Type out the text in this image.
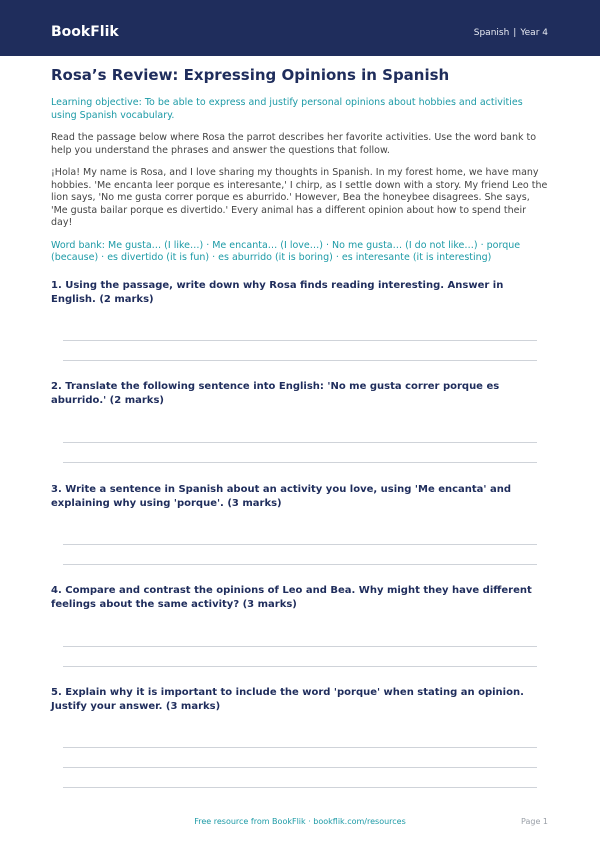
BookFlik	Spanish | Year 4
Rosa’s Review: Expressing Opinions in Spanish
Learning objective: To be able to express and justify personal opinions about hobbies and activities using Spanish vocabulary.
Read the passage below where Rosa the parrot describes her favorite activities. Use the word bank to help you understand the phrases and answer the questions that follow.
¡Hola! My name is Rosa, and I love sharing my thoughts in Spanish. In my forest home, we have many hobbies. 'Me encanta leer porque es interesante,' I chirp, as I settle down with a story. My friend Leo the lion says, 'No me gusta correr porque es aburrido.' However, Bea the honeybee disagrees. She says, 'Me gusta bailar porque es divertido.' Every animal has a different opinion about how to spend their day!
Word bank: Me gusta… (I like…) · Me encanta… (I love…) · No me gusta… (I do not like…) · porque (because) · es divertido (it is fun) · es aburrido (it is boring) · es interesante (it is interesting)
1. Using the passage, write down why Rosa finds reading interesting. Answer in English. (2 marks)
2. Translate the following sentence into English: 'No me gusta correr porque es aburrido.' (2 marks)
3. Write a sentence in Spanish about an activity you love, using 'Me encanta' and explaining why using 'porque'. (3 marks)
4. Compare and contrast the opinions of Leo and Bea. Why might they have different feelings about the same activity? (3 marks)
5. Explain why it is important to include the word 'porque' when stating an opinion. Justify your answer. (3 marks)
Free resource from BookFlik · bookflik.com/resources	Page 1
